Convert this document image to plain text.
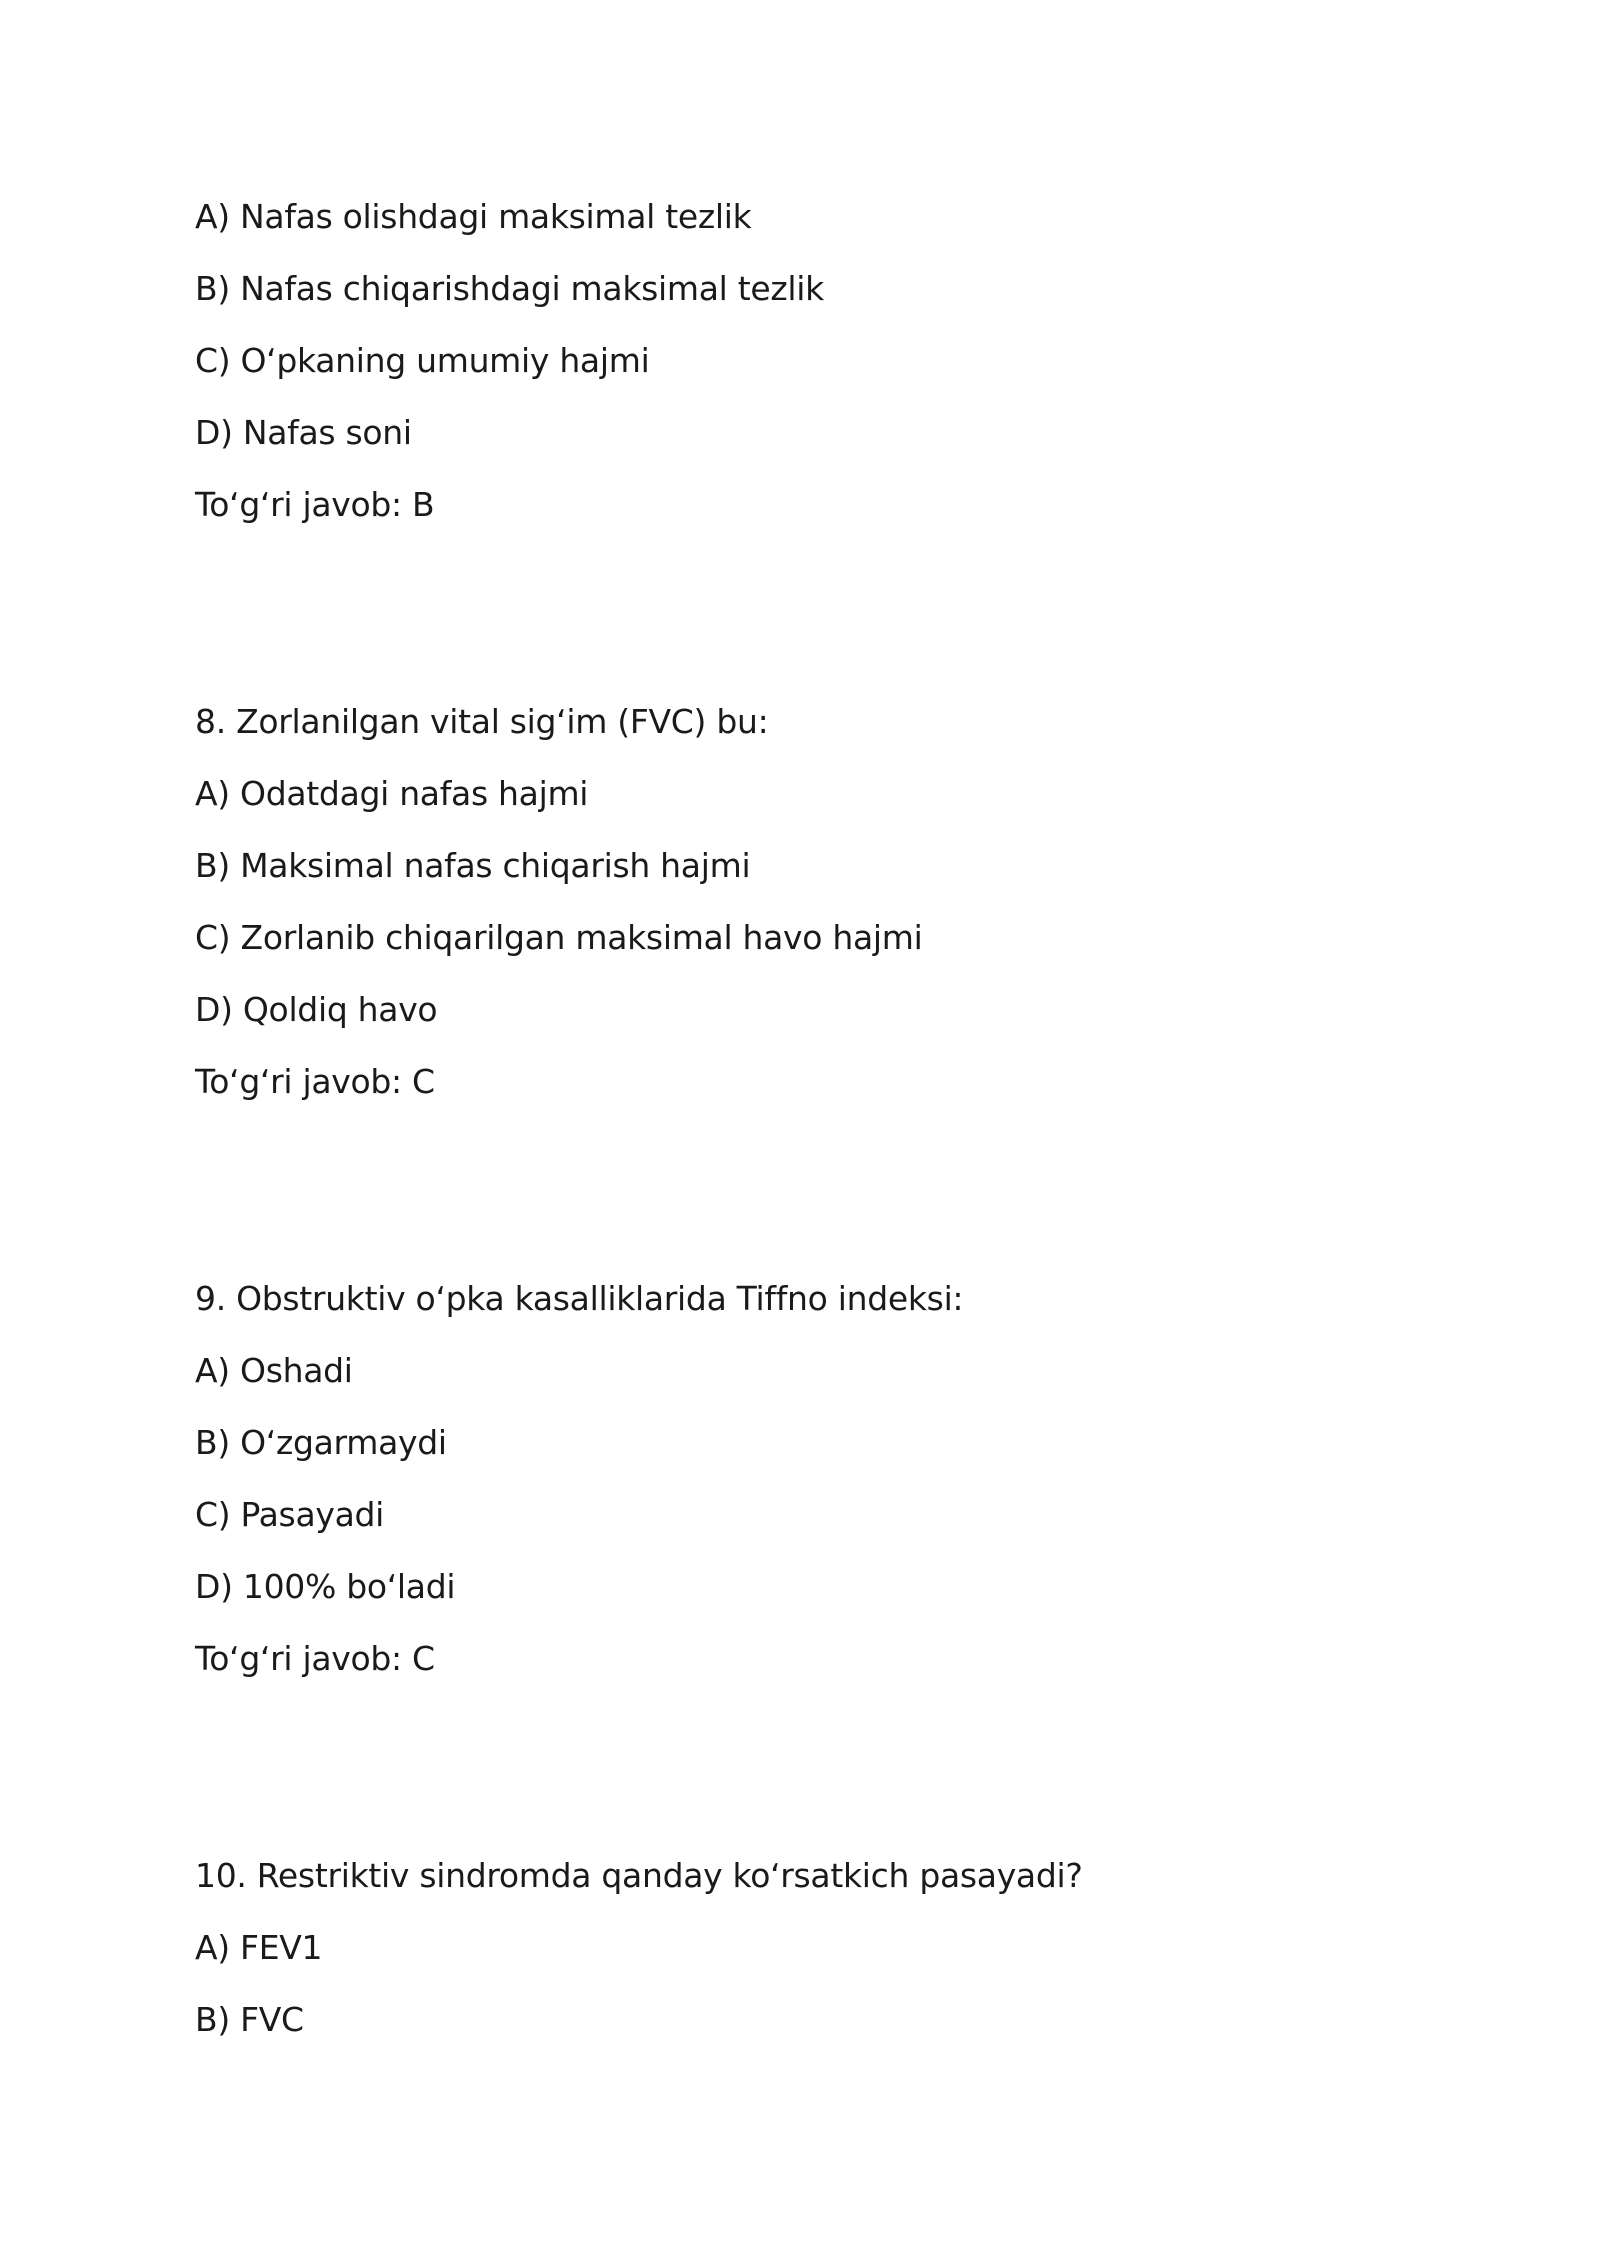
A) Nafas olishdagi maksimal tezlik
B) Nafas chiqarishdagi maksimal tezlik
C) O‘pkaning umumiy hajmi
D) Nafas soni
To‘g‘ri javob: B
8. Zorlanilgan vital sig‘im (FVC) bu:
A) Odatdagi nafas hajmi
B) Maksimal nafas chiqarish hajmi
C) Zorlanib chiqarilgan maksimal havo hajmi
D) Qoldiq havo
To‘g‘ri javob: C
9. Obstruktiv o‘pka kasalliklarida Tiffno indeksi:
A) Oshadi
B) O‘zgarmaydi
C) Pasayadi
D) 100% bo‘ladi
To‘g‘ri javob: C
10. Restriktiv sindromda qanday ko‘rsatkich pasayadi?
A) FEV1
B) FVC
